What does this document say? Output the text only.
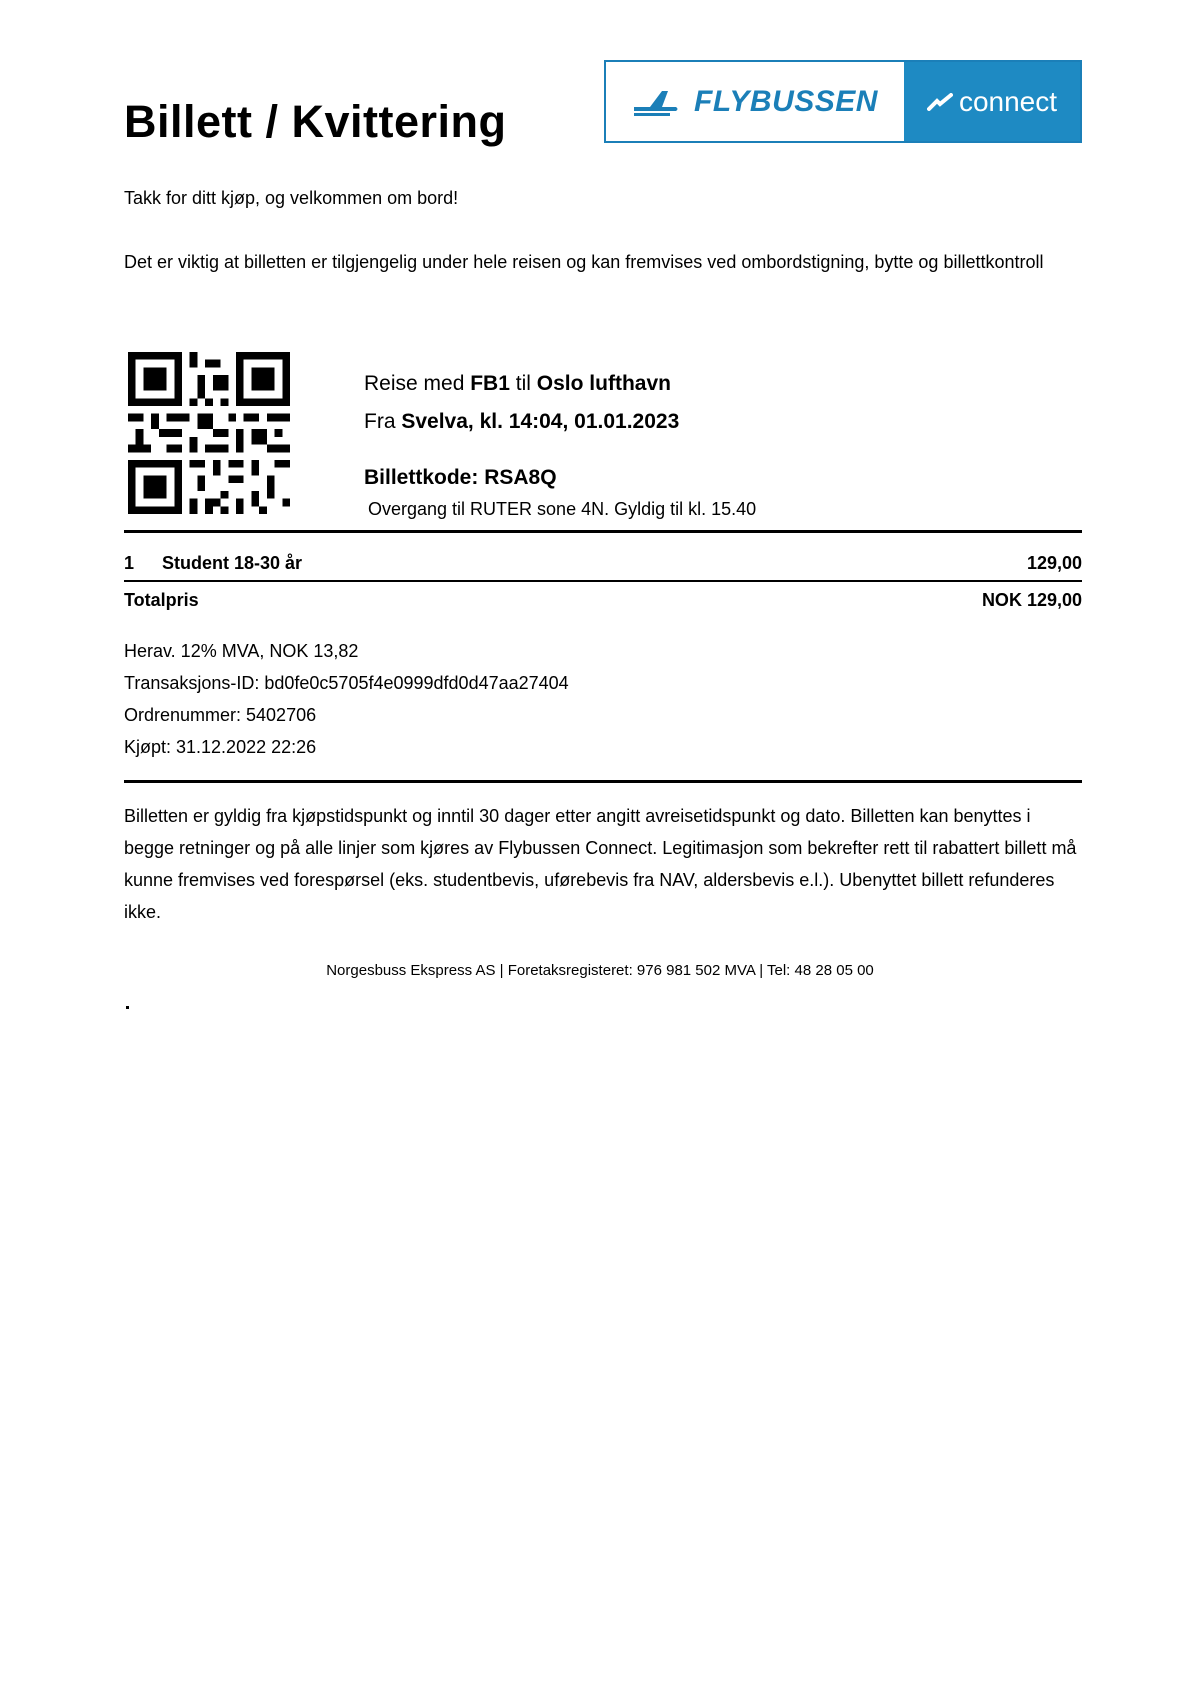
Billett / Kvittering	FLYBUSSEN	connect
Takk for ditt kjøp, og velkommen om bord!
Det er viktig at billetten er tilgjengelig under hele reisen og kan fremvises ved ombordstigning, bytte og billettkontroll
Reise med FB1 til Oslo lufthavn
Fra Svelva, kl. 14:04, 01.01.2023
Billettkode: RSA8Q
Overgang til RUTER sone 4N. Gyldig til kl. 15.40
1 Student 18-30 år	129,00
Totalpris	NOK 129,00
Herav. 12% MVA, NOK 13,82
Transaksjons-ID: bd0fe0c5705f4e0999dfd0d47aa27404
Ordrenummer: 5402706
Kjøpt: 31.12.2022 22:26
Billetten er gyldig fra kjøpstidspunkt og inntil 30 dager etter angitt avreisetidspunkt og dato. Billetten kan benyttes i begge retninger og på alle linjer som kjøres av Flybussen Connect. Legitimasjon som bekrefter rett til rabattert billett må kunne fremvises ved forespørsel (eks. studentbevis, uførebevis fra NAV, aldersbevis e.l.). Ubenyttet billett refunderes ikke.
Norgesbuss Ekspress AS | Foretaksregisteret: 976 981 502 MVA | Tel: 48 28 05 00
